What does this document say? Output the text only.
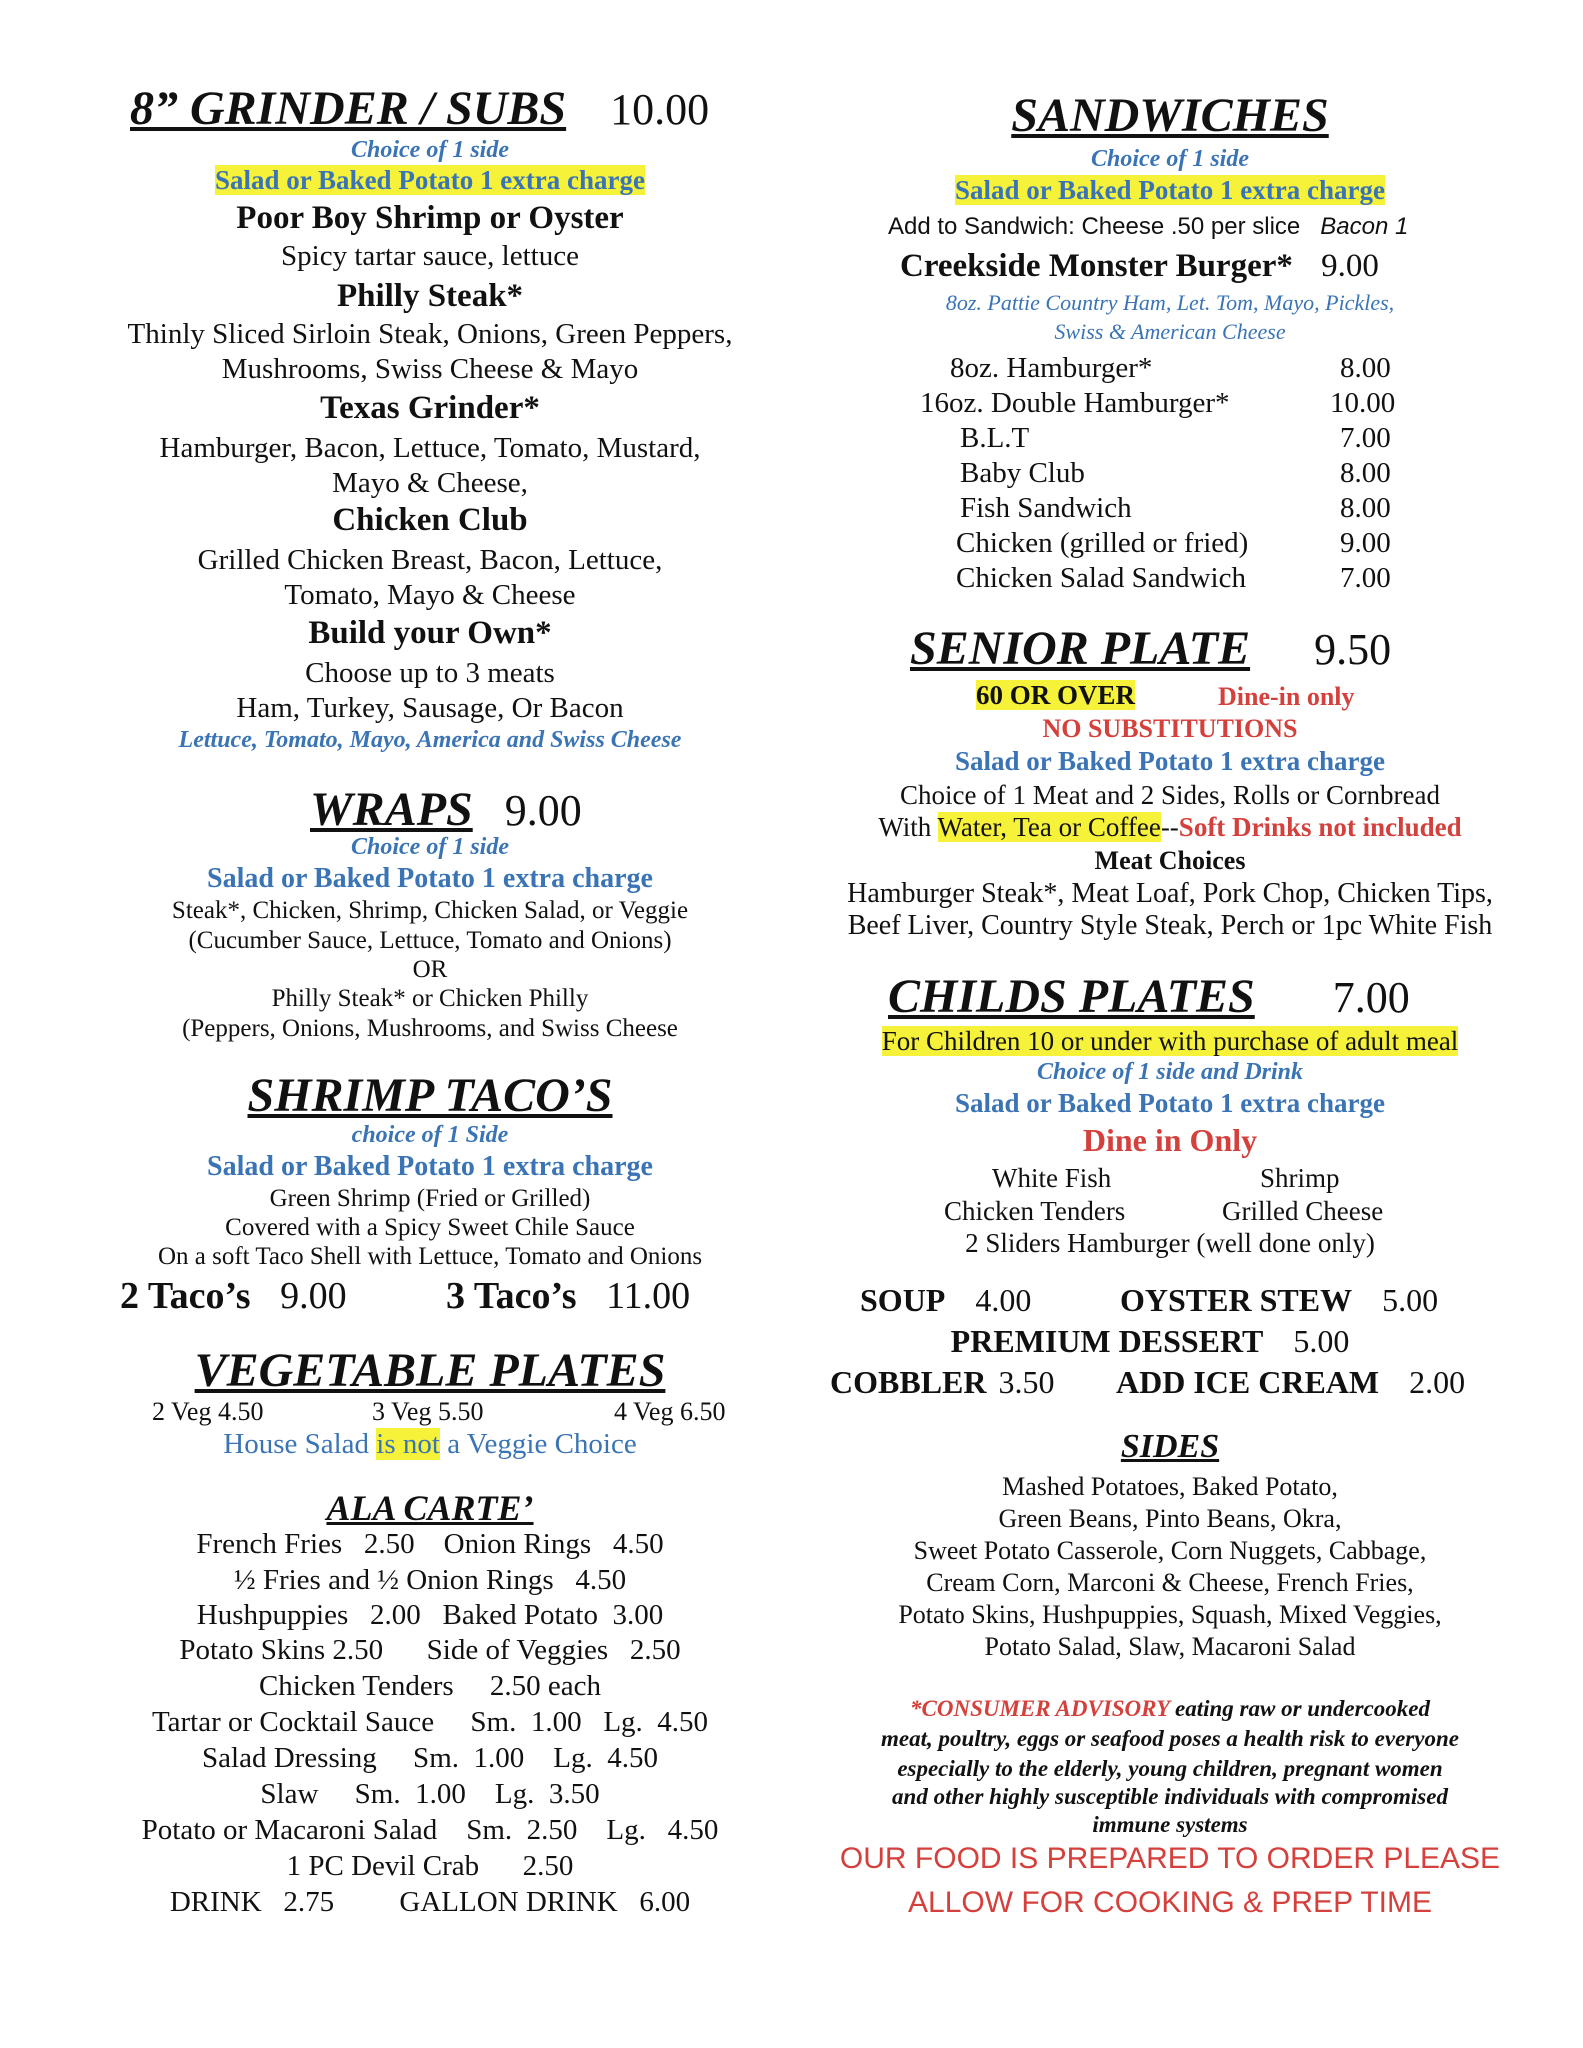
8” GRINDER / SUBS 10.00
Choice of 1 side
Salad or Baked Potato 1 extra charge
Poor Boy Shrimp or Oyster
Spicy tartar sauce, lettuce
Philly Steak*
Thinly Sliced Sirloin Steak, Onions, Green Peppers,
Mushrooms, Swiss Cheese & Mayo
Texas Grinder*
Hamburger, Bacon, Lettuce, Tomato, Mustard,
Mayo & Cheese,
Chicken Club
Grilled Chicken Breast, Bacon, Lettuce,
Tomato, Mayo & Cheese
Build your Own*
Choose up to 3 meats
Ham, Turkey, Sausage, Or Bacon
Lettuce, Tomato, Mayo, America and Swiss Cheese
WRAPS 9.00
Choice of 1 side
Salad or Baked Potato 1 extra charge
Steak*, Chicken, Shrimp, Chicken Salad, or Veggie
(Cucumber Sauce, Lettuce, Tomato and Onions)
OR
Philly Steak* or Chicken Philly
(Peppers, Onions, Mushrooms, and Swiss Cheese
SHRIMP TACO’S
choice of 1 Side
Salad or Baked Potato 1 extra charge
Green Shrimp (Fried or Grilled)
Covered with a Spicy Sweet Chile Sauce
On a soft Taco Shell with Lettuce, Tomato and Onions
2 Taco’s 9.00	3 Taco’s 11.00
VEGETABLE PLATES
2 Veg 4.50	3 Veg 5.50	4 Veg 6.50
House Salad is not a Veggie Choice
ALA CARTE’
French Fries   2.50    Onion Rings   4.50
½ Fries and ½ Onion Rings   4.50
Hushpuppies   2.00   Baked Potato  3.00
Potato Skins 2.50      Side of Veggies   2.50
Chicken Tenders     2.50 each
Tartar or Cocktail Sauce     Sm.  1.00   Lg.  4.50
Salad Dressing     Sm.  1.00    Lg.  4.50
Slaw     Sm.  1.00    Lg.  3.50
Potato or Macaroni Salad    Sm.  2.50    Lg.   4.50
1 PC Devil Crab      2.50
DRINK   2.75         GALLON DRINK   6.00
SANDWICHES
Choice of 1 side
Salad or Baked Potato 1 extra charge
Add to Sandwich: Cheese .50 per slice Bacon 1
Creekside Monster Burger* 9.00
8oz. Pattie Country Ham, Let. Tom, Mayo, Pickles,
Swiss & American Cheese
8oz. Hamburger*	8.00
16oz. Double Hamburger*	10.00
B.L.T	7.00
Baby Club	8.00
Fish Sandwich	8.00
Chicken (grilled or fried)	9.00
Chicken Salad Sandwich	7.00
SENIOR PLATE 9.50
60 OR OVER	Dine-in only
NO SUBSTITUTIONS
Salad or Baked Potato 1 extra charge
Choice of 1 Meat and 2 Sides, Rolls or Cornbread
With Water, Tea or Coffee--Soft Drinks not included
Meat Choices
Hamburger Steak*, Meat Loaf, Pork Chop, Chicken Tips,
Beef Liver, Country Style Steak, Perch or 1pc White Fish
CHILDS PLATES 7.00
For Children 10 or under with purchase of adult meal
Choice of 1 side and Drink
Salad or Baked Potato 1 extra charge
Dine in Only
White Fish	Shrimp
Chicken Tenders	Grilled Cheese
2 Sliders Hamburger (well done only)
SOUP 4.00	OYSTER STEW 5.00
PREMIUM DESSERT 5.00
COBBLER 3.50 ADD ICE CREAM 2.00
SIDES
Mashed Potatoes, Baked Potato,
Green Beans, Pinto Beans, Okra,
Sweet Potato Casserole, Corn Nuggets, Cabbage,
Cream Corn, Marconi & Cheese, French Fries,
Potato Skins, Hushpuppies, Squash, Mixed Veggies,
Potato Salad, Slaw, Macaroni Salad
*CONSUMER ADVISORY eating raw or undercooked
meat, poultry, eggs or seafood poses a health risk to everyone
especially to the elderly, young children, pregnant women
and other highly susceptible individuals with compromised
immune systems
OUR FOOD IS PREPARED TO ORDER PLEASE
ALLOW FOR COOKING & PREP TIME
